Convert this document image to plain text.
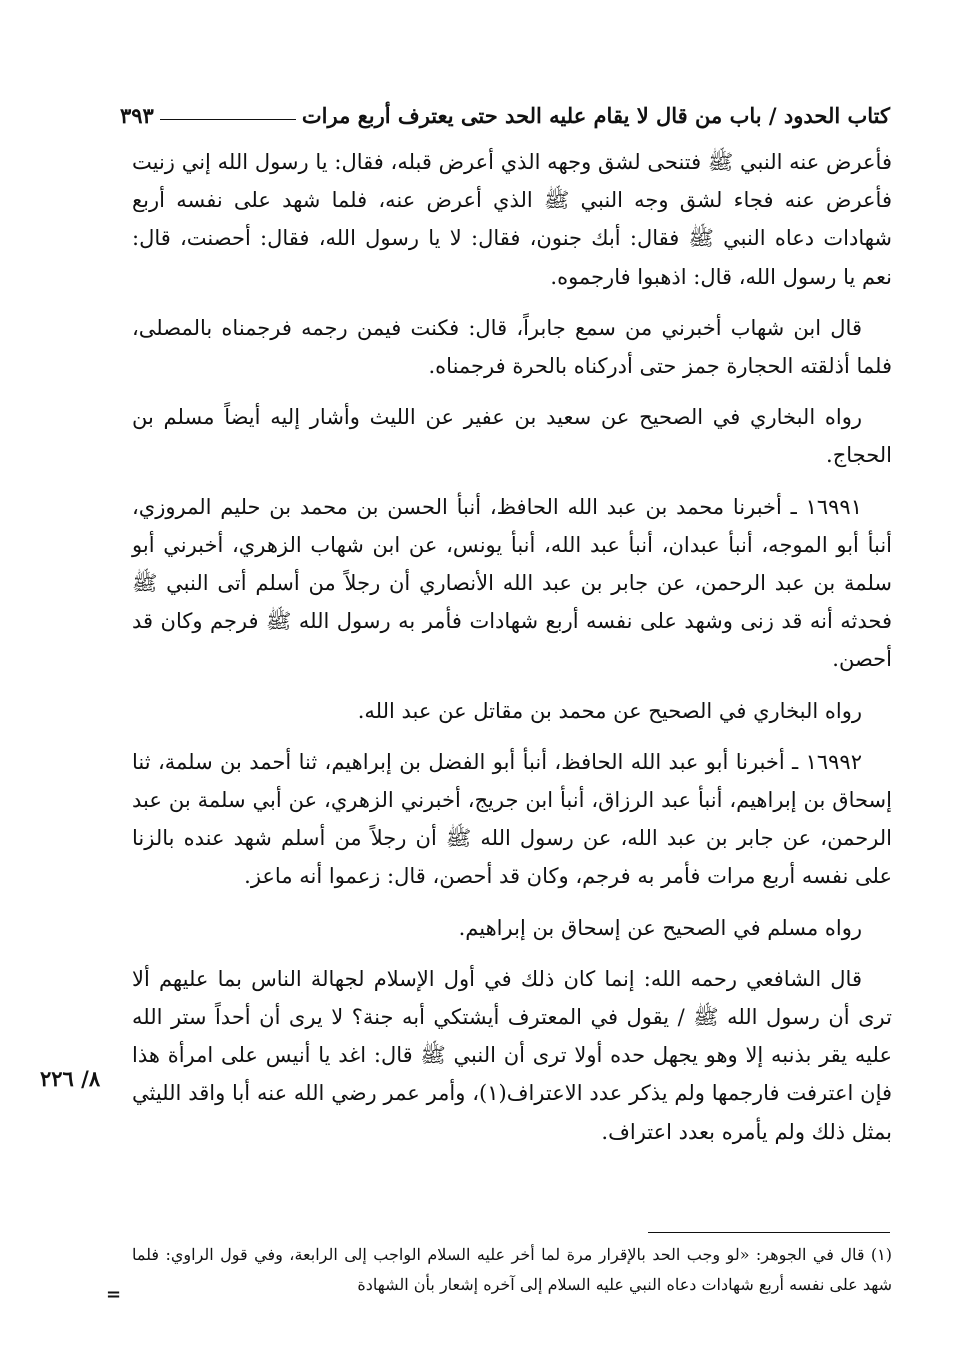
كتاب الحدود / باب من قال لا يقام عليه الحد حتى يعترف أربع مرات
٣٩٣

فأعرض عنه النبي ﷺ فتنحى لشق وجهه الذي أعرض قبله، فقال: يا رسول الله إني زنيت فأعرض عنه فجاء لشق وجه النبي ﷺ الذي أعرض عنه، فلما شهد على نفسه أربع شهادات دعاه النبي ﷺ فقال: أبك جنون، فقال: لا يا رسول الله، فقال: أحصنت، قال: نعم يا رسول الله، قال: اذهبوا فارجموه.

قال ابن شهاب أخبرني من سمع جابراً، قال: فكنت فيمن رجمه فرجمناه بالمصلى، فلما أذلقته الحجارة جمز حتى أدركناه بالحرة فرجمناه.

رواه البخاري في الصحيح عن سعيد بن عفير عن الليث وأشار إليه أيضاً مسلم بن الحجاج.

١٦٩٩١ ـ أخبرنا محمد بن عبد الله الحافظ، أنبأ الحسن بن محمد بن حليم المروزي، أنبأ أبو الموجه، أنبأ عبدان، أنبأ عبد الله، أنبأ يونس، عن ابن شهاب الزهري، أخبرني أبو سلمة بن عبد الرحمن، عن جابر بن عبد الله الأنصاري أن رجلاً من أسلم أتى النبي ﷺ فحدثه أنه قد زنى وشهد على نفسه أربع شهادات فأمر به رسول الله ﷺ فرجم وكان قد أحصن.

رواه البخاري في الصحيح عن محمد بن مقاتل عن عبد الله.

١٦٩٩٢ ـ أخبرنا أبو عبد الله الحافظ، أنبأ أبو الفضل بن إبراهيم، ثنا أحمد بن سلمة، ثنا إسحاق بن إبراهيم، أنبأ عبد الرزاق، أنبأ ابن جريج، أخبرني الزهري، عن أبي سلمة بن عبد الرحمن، عن جابر بن عبد الله، عن رسول الله ﷺ أن رجلاً من أسلم شهد عنده بالزنا على نفسه أربع مرات فأمر به فرجم، وكان قد أحصن، قال: زعموا أنه ماعز.

رواه مسلم في الصحيح عن إسحاق بن إبراهيم.

قال الشافعي رحمه الله: إنما كان ذلك في أول الإسلام لجهالة الناس بما عليهم ألا ترى أن رسول الله ﷺ / يقول في المعترف أيشتكي أبه جنة؟ لا يرى أن أحداً ستر الله عليه يقر بذنبه إلا وهو يجهل حده أولا ترى أن النبي ﷺ قال: اغد يا أنيس على امرأة هذا فإن اعترفت فارجمها ولم يذكر عدد الاعتراف(١)، وأمر عمر رضي الله عنه أبا واقد الليثي بمثل ذلك ولم يأمره بعدد اعتراف.

٨/ ٢٢٦

(١) قال في الجوهر: «لو وجب الحد بالإقرار مرة لما أخر عليه السلام الواجب إلى الرابعة، وفي قول الراوي: فلما شهد على نفسه أربع شهادات دعاه النبي عليه السلام إلى آخره إشعار بأن الشهادة

=
